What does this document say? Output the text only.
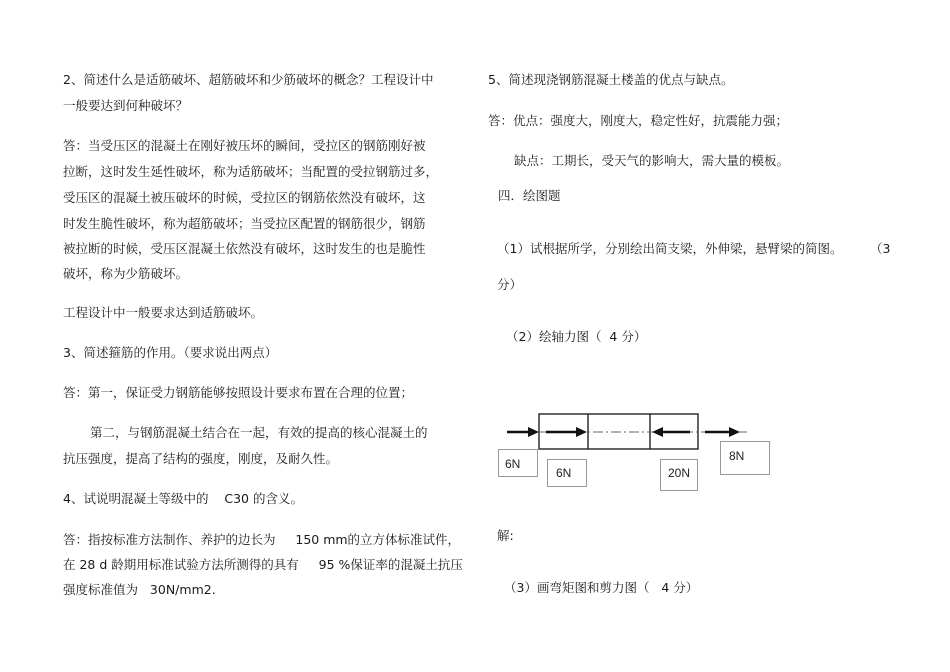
2、简述什么是适筋破坏、超筋破坏和少筋破坏的概念？工程设计中
一般要达到何种破坏？
答：当受压区的混凝土在刚好被压坏的瞬间，受拉区的钢筋刚好被
拉断，这时发生延性破坏，称为适筋破坏；当配置的受拉钢筋过多，
受压区的混凝土被压破坏的时候，受拉区的钢筋依然没有破坏，这
时发生脆性破坏，称为超筋破坏；当受拉区配置的钢筋很少，钢筋
被拉断的时候，受压区混凝土依然没有破坏，这时发生的也是脆性
破坏，称为少筋破坏。
工程设计中一般要求达到适筋破坏。
3、简述箍筋的作用。（要求说出两点）
答：第一，保证受力钢筋能够按照设计要求布置在合理的位置；
第二，与钢筋混凝土结合在一起，有效的提高的核心混凝土的
抗压强度，提高了结构的强度，刚度，及耐久性。
4、试说明混凝土等级中的    C30 的含义。
答：指按标准方法制作、养护的边长为     150 mm的立方体标准试件，
在 28 d 龄期用标准试验方法所测得的具有     95 %保证率的混凝土抗压
强度标准值为   30N/mm2.
5、简述现浇钢筋混凝土楼盖的优点与缺点。
答：优点：强度大，刚度大，稳定性好，抗震能力强；
缺点：工期长，受天气的影响大，需大量的模板。
四．绘图题
（1）试根据所学，分别绘出简支梁，外伸梁，悬臂梁的简图。 （3
分）
（2）绘轴力图（  4 分）
6N
6N	20N
8N
解:
（3）画弯矩图和剪力图（   4 分）
